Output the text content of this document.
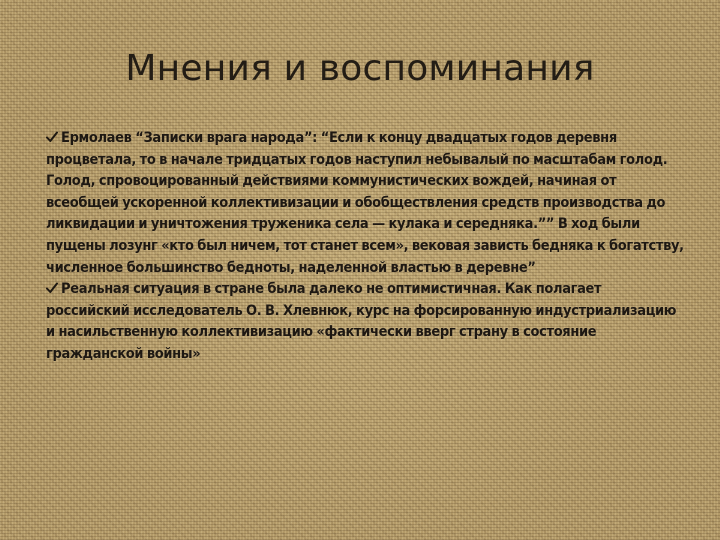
Мнения и воспоминания

Ермолаев “Записки врага народа”: “Если к концу двадцатых годов деревня процветала, то в начале тридцатых годов наступил небывалый по масштабам голод. Голод, спровоцированный действиями коммунистических вождей, начиная от всеобщей ускоренной коллективизации и обобществления средств производства до ликвидации и уничтожения труженика села — кулака и середняка.”” В ход были пущены лозунг «кто был ничем, тот станет всем», вековая зависть бедняка к богатству, численное большинство бедноты, наделенной властью в деревне”

Реальная ситуация в стране была далеко не оптимистичная. Как полагает российский исследователь О. В. Хлевнюк, курс на форсированную индустриализацию и насильственную коллективизацию «фактически вверг страну в состояние гражданской войны»
